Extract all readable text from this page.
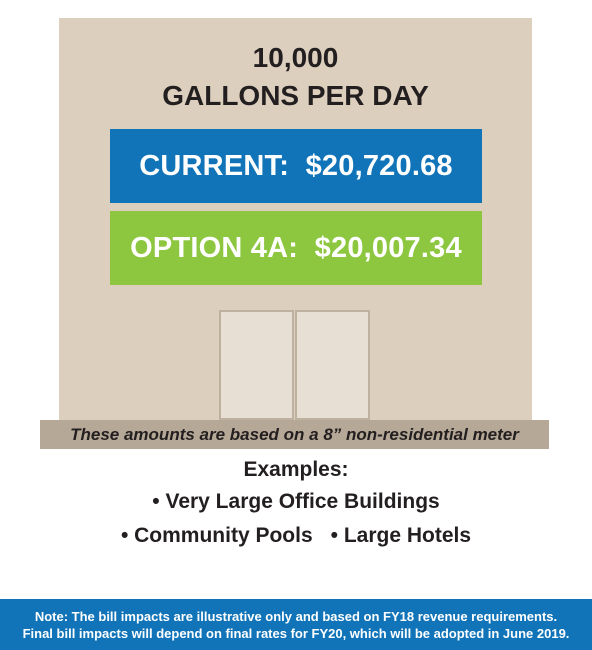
10,000
GALLONS PER DAY
CURRENT:
$20,720.68
OPTION 4A:
$20,007.34
These amounts are based on a 8” non-residential meter
Examples:
• Very Large Office Buildings
• Community Pools • Large Hotels
Note: The bill impacts are illustrative only and based on FY18 revenue requirements.
Final bill impacts will depend on final rates for FY20, which will be adopted in June 2019.
